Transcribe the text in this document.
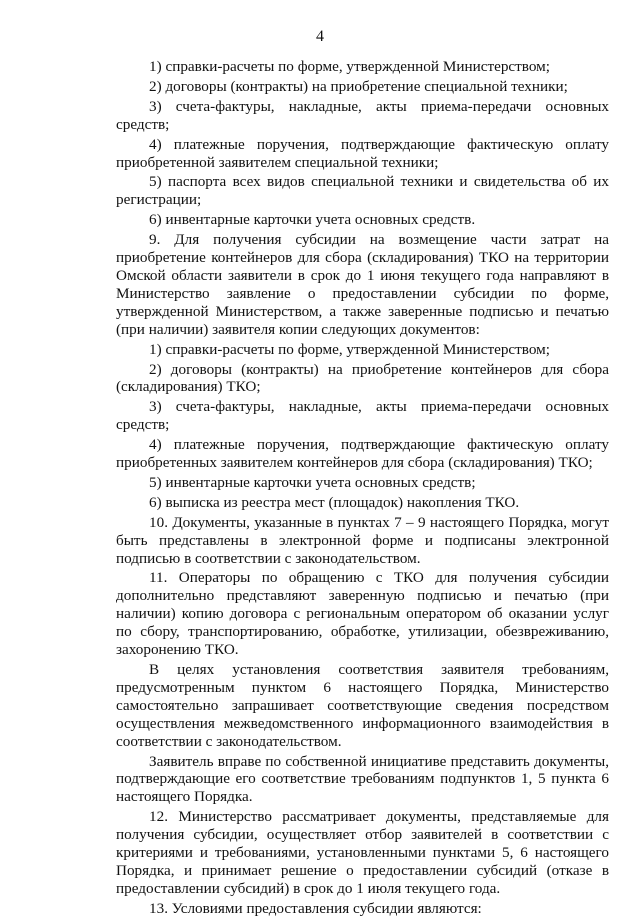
4

1) справки-расчеты по форме, утвержденной Министерством;

2) договоры (контракты) на приобретение специальной техники;

3) счета-фактуры, накладные, акты приема-передачи основных средств;

4) платежные поручения, подтверждающие фактическую оплату приобретенной заявителем специальной техники;

5) паспорта всех видов специальной техники и свидетельства об их регистрации;

6) инвентарные карточки учета основных средств.

9. Для получения субсидии на возмещение части затрат на приобретение контейнеров для сбора (складирования) ТКО на территории Омской области заявители в срок до 1 июня текущего года направляют в Министерство заявление о предоставлении субсидии по форме, утвержденной Министерством, а также заверенные подписью и печатью (при наличии) заявителя копии следующих документов:

1) справки-расчеты по форме, утвержденной Министерством;

2) договоры (контракты) на приобретение контейнеров для сбора (складирования) ТКО;

3) счета-фактуры, накладные, акты приема-передачи основных средств;

4) платежные поручения, подтверждающие фактическую оплату приобретенных заявителем контейнеров для сбора (складирования) ТКО;

5) инвентарные карточки учета основных средств;

6) выписка из реестра мест (площадок) накопления ТКО.

10. Документы, указанные в пунктах 7 – 9 настоящего Порядка, могут быть представлены в электронной форме и подписаны электронной подписью в соответствии с законодательством.

11. Операторы по обращению с ТКО для получения субсидии дополнительно представляют заверенную подписью и печатью (при наличии) копию договора с региональным оператором об оказании услуг по сбору, транспортированию, обработке, утилизации, обезвреживанию, захоронению ТКО.

В целях установления соответствия заявителя требованиям, предусмотренным пунктом 6 настоящего Порядка, Министерство самостоятельно запрашивает соответствующие сведения посредством осуществления межведомственного информационного взаимодействия в соответствии с законодательством.

Заявитель вправе по собственной инициативе представить документы, подтверждающие его соответствие требованиям подпунктов 1, 5 пункта 6 настоящего Порядка.

12. Министерство рассматривает документы, представляемые для получения субсидии, осуществляет отбор заявителей в соответствии с критериями и требованиями, установленными пунктами 5, 6 настоящего Порядка, и принимает решение о предоставлении субсидий (отказе в предоставлении субсидий) в срок до 1 июля текущего года.

13. Условиями предоставления субсидии являются:
